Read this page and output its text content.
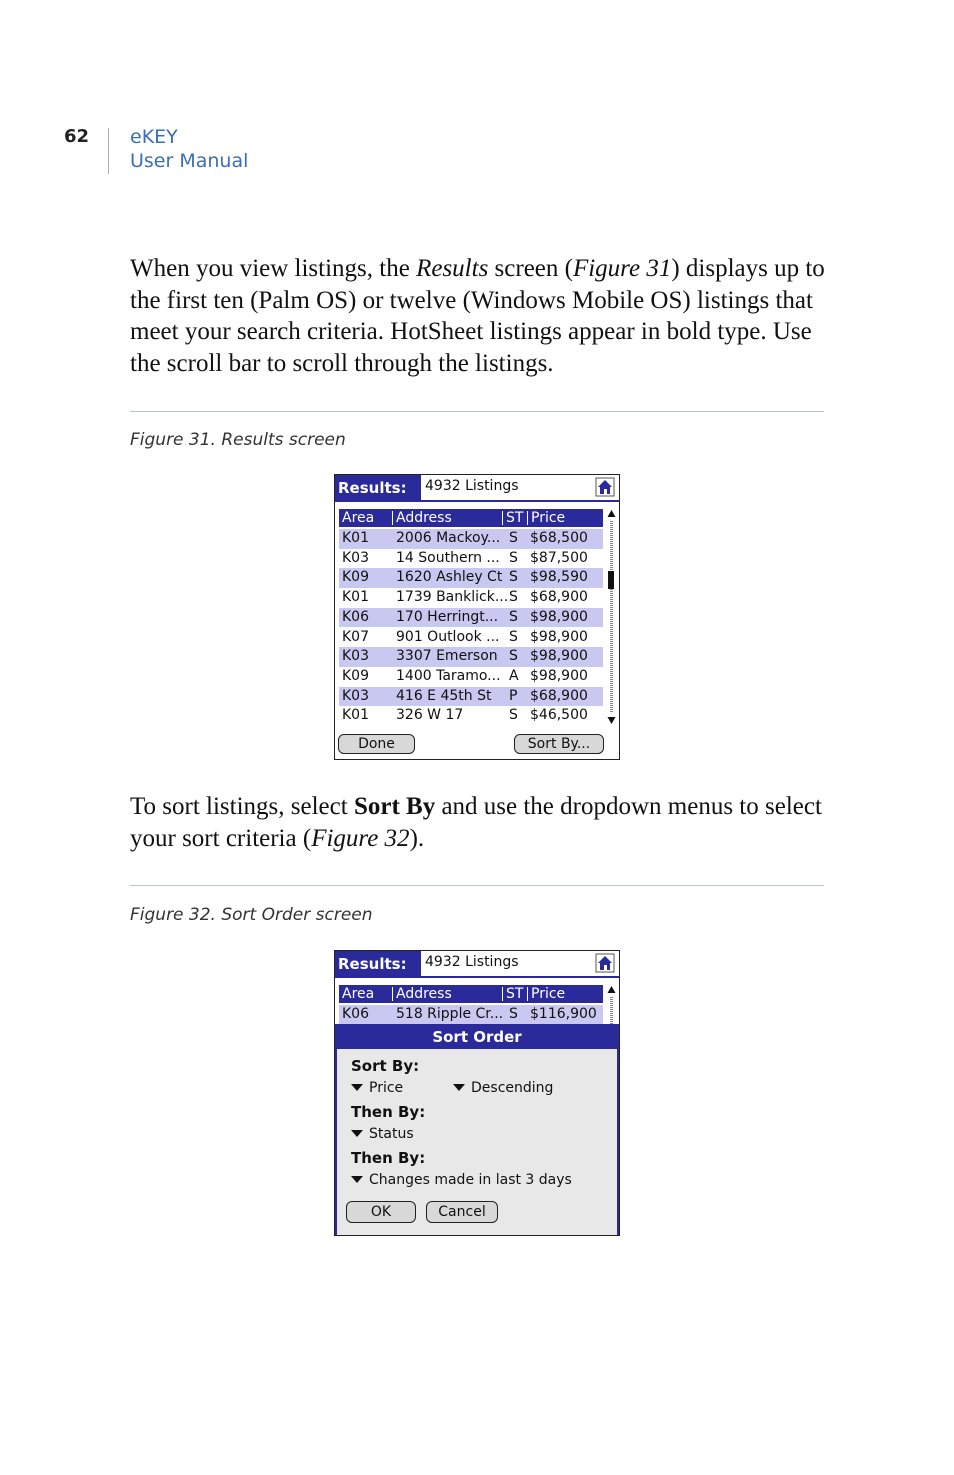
62 eKEY
User Manual
When you view listings, the Results screen (Figure 31) displays up to the first ten (Palm OS) or twelve (Windows Mobile OS) listings that meet your search criteria. HotSheet listings appear in bold type. Use the scroll bar to scroll through the listings.
Figure 31. Results screen
Results:	4932 Listings
Area Address	ST Price
K01 2006 Mackoy... S $68,500
K03 14 Southern ... S $87,500
K09 1620 Ashley Ct S $98,590
K01 1739 Banklick... S $68,900
K06 170 Herringt... S $98,900
K07 901 Outlook ... S $98,900
K03 3307 Emerson S $98,900
K09 1400 Taramo... A $98,900
K03 416 E 45th St P $68,900
K01 326 W 17	S $46,500
Done	Sort By...
To sort listings, select Sort By and use the dropdown menus to select your sort criteria (Figure 32).
Figure 32. Sort Order screen
Results:	4932 Listings
Area Address	ST Price
K06 518 Ripple Cr... S $116,900
Sort Order
Sort By:
Price	Descending
Then By:
Status
Then By:
Changes made in last 3 days
OK	Cancel
